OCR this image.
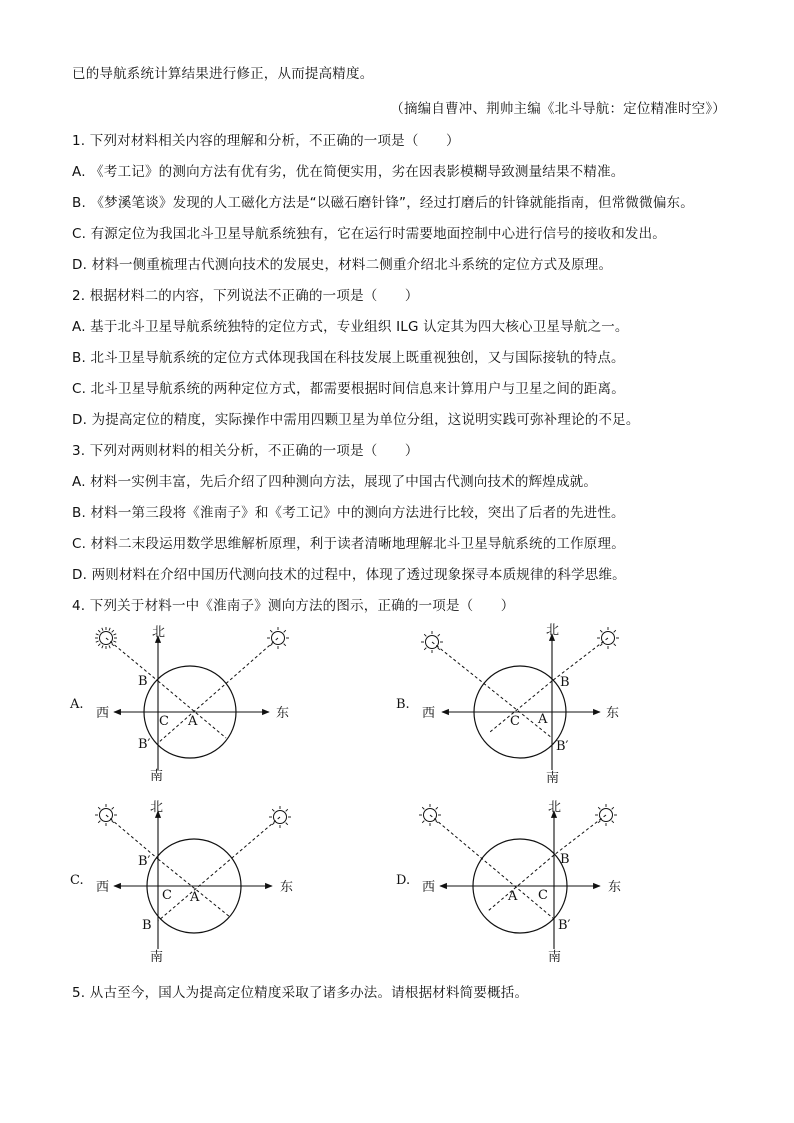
已的导航系统计算结果进行修正，从而提高精度。
（摘编自曹冲、荆帅主编《北斗导航：定位精准时空》）
1. 下列对材料相关内容的理解和分析，不正确的一项是（　　）
A. 《考工记》的测向方法有优有劣，优在简便实用，劣在因表影模糊导致测量结果不精准。
B. 《梦溪笔谈》发现的人工磁化方法是“以磁石磨针锋”，经过打磨后的针锋就能指南，但常微微偏东。
C. 有源定位为我国北斗卫星导航系统独有，它在运行时需要地面控制中心进行信号的接收和发出。
D. 材料一侧重梳理古代测向技术的发展史，材料二侧重介绍北斗系统的定位方式及原理。
2. 根据材料二的内容，下列说法不正确的一项是（　　）
A. 基于北斗卫星导航系统独特的定位方式，专业组织 ILG 认定其为四大核心卫星导航之一。
B. 北斗卫星导航系统的定位方式体现我国在科技发展上既重视独创，又与国际接轨的特点。
C. 北斗卫星导航系统的两种定位方式，都需要根据时间信息来计算用户与卫星之间的距离。
D. 为提高定位的精度，实际操作中需用四颗卫星为单位分组，这说明实践可弥补理论的不足。
3. 下列对两则材料的相关分析，不正确的一项是（　　）
A. 材料一实例丰富，先后介绍了四种测向方法，展现了中国古代测向技术的辉煌成就。
B. 材料一第三段将《淮南子》和《考工记》中的测向方法进行比较，突出了后者的先进性。
C. 材料二末段运用数学思维解析原理，利于读者清晰地理解北斗卫星导航系统的工作原理。
D. 两则材料在介绍中国历代测向技术的过程中，体现了透过现象探寻本质规律的科学思维。
4. 下列关于材料一中《淮南子》测向方法的图示，正确的一项是（　　）
A.
北
南
西	东
B
B′
C A
B.
北
南
西	东
B
B′
C A
C.
北
南
西	东
B′
B
C A
D.
北
南
西	东
B
B′
C
A
5. 从古至今，国人为提高定位精度采取了诸多办法。请根据材料简要概括。
